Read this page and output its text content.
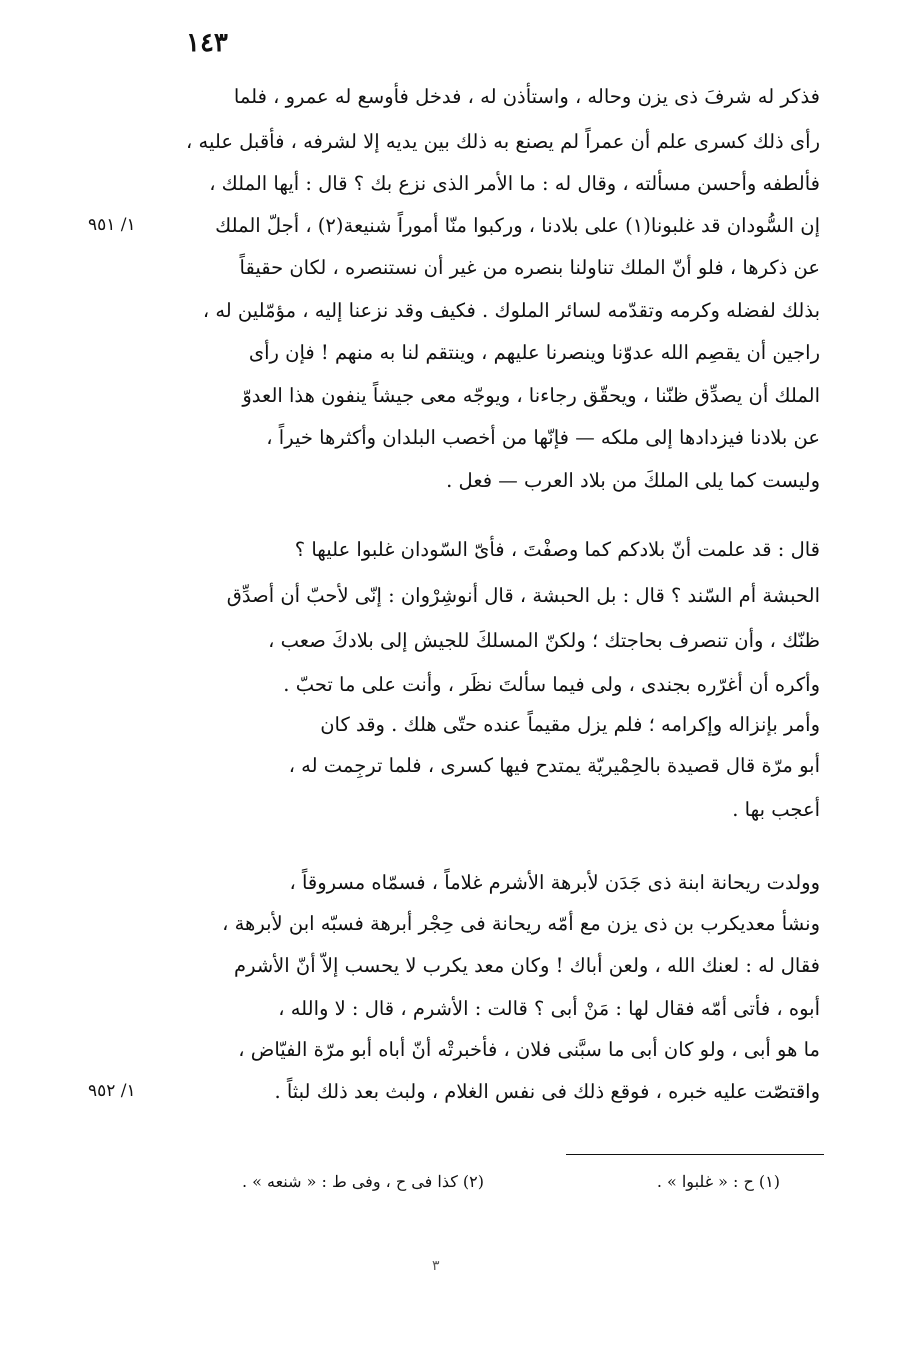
١٤٣
فذكر له شرفَ ذى يزن وحاله ، واستأذن له ، فدخل فأوسع له عمرو ، فلما
رأى ذلك كسرى علم أن عمراً لم يصنع به ذلك بين يديه إلا لشرفه ، فأقبل عليه ،
فألطفه وأحسن مسألته ، وقال له : ما الأمر الذى نزع بك ؟ قال : أيها الملك ،
إن السُّودان قد غلبونا(١) على بلادنا ، وركبوا منّا أموراً شنيعة(٢) ، أجلّ الملك
عن ذكرها ، فلو أنّ الملك تناولنا بنصره من غير أن نستنصره ، لكان حقيقاً
بذلك لفضله وكرمه وتقدّمه لسائر الملوك . فكيف وقد نزعنا إليه ، مؤمّلين له ،
راجين أن يقصِم الله عدوّنا وينصرنا عليهم ، وينتقم لنا به منهم ! فإن رأى
الملك أن يصدِّق ظنّنا ، ويحقّق رجاءنا ، ويوجّه معى جيشاً ينفون هذا العدوّ
عن بلادنا فيزدادها إلى ملكه — فإنّها من أخصب البلدان وأكثرها خيراً ،
وليست كما يلى الملكَ من بلاد العرب — فعل .
قال : قد علمت أنّ بلادكم كما وصفْتَ ، فأىّ السّودان غلبوا عليها ؟
الحبشة أم السّند ؟ قال : بل الحبشة ، قال أنوشِرْوان : إنّى لأحبّ أن أصدِّق
ظنّك ، وأن تنصرف بحاجتك ؛ ولكنّ المسلكَ للجيش إلى بلادكَ صعب ،
وأكره أن أغرّره بجندى ، ولى فيما سألتَ نظَر ، وأنت على ما تحبّ .
وأمر بإنزاله وإكرامه ؛ فلم يزل مقيماً عنده حتّى هلك . وقد كان
أبو مرّة قال قصيدة بالحِمْيريّة يمتدح فيها كسرى ، فلما ترجِمت له ،
أعجب بها .
وولدت ريحانة ابنة ذى جَدَن لأبرهة الأشرم غلاماً ، فسمّاه مسروقاً ،
ونشأ معديكرب بن ذى يزن مع أمّه ريحانة فى حِجْر أبرهة فسبّه ابن لأبرهة ،
فقال له : لعنك الله ، ولعن أباك ! وكان معد يكرب لا يحسب إلاّ أنّ الأشرم
أبوه ، فأتى أمّه فقال لها : مَنْ أبى ؟ قالت : الأشرم ، قال : لا والله ،
ما هو أبى ، ولو كان أبى ما سبَّنى فلان ، فأخبرتْه أنّ أباه أبو مرّة الفيّاض ،
واقتصّت عليه خبره ، فوقع ذلك فى نفس الغلام ، ولبث بعد ذلك لبثاً .
١/ ٩٥١
١/ ٩٥٢
(١) ح : « غلبوا » .
(٢) كذا فى ح ، وفى ط : « شنعه » .
٣
